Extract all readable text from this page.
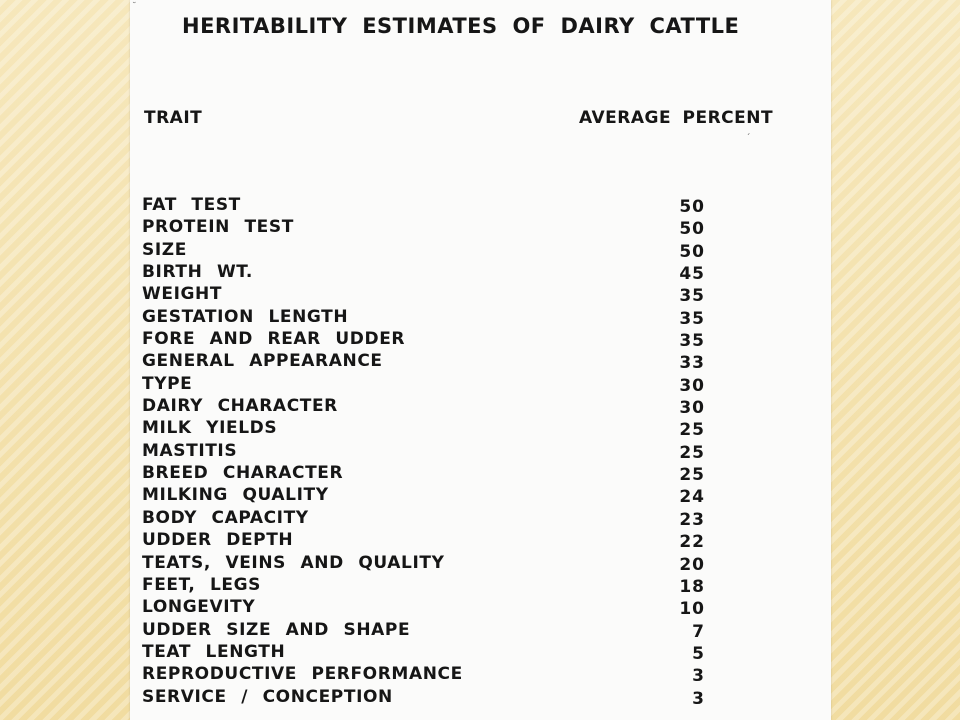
˘
HERITABILITY ESTIMATES OF DAIRY CATTLE
TRAIT	AVERAGE PERCENT
ˏ
FAT TEST	50
PROTEIN TEST	50
SIZE	50
BIRTH WT.	45
WEIGHT	35
GESTATION LENGTH	35
FORE AND REAR UDDER	35
GENERAL APPEARANCE	33
TYPE	30
DAIRY CHARACTER	30
MILK YIELDS	25
MASTITIS	25
BREED CHARACTER	25
MILKING QUALITY	24
BODY CAPACITY	23
UDDER DEPTH	22
TEATS, VEINS AND QUALITY	20
FEET, LEGS	18
LONGEVITY	10
UDDER SIZE AND SHAPE	7
TEAT LENGTH	5
REPRODUCTIVE PERFORMANCE	3
SERVICE / CONCEPTION	3
